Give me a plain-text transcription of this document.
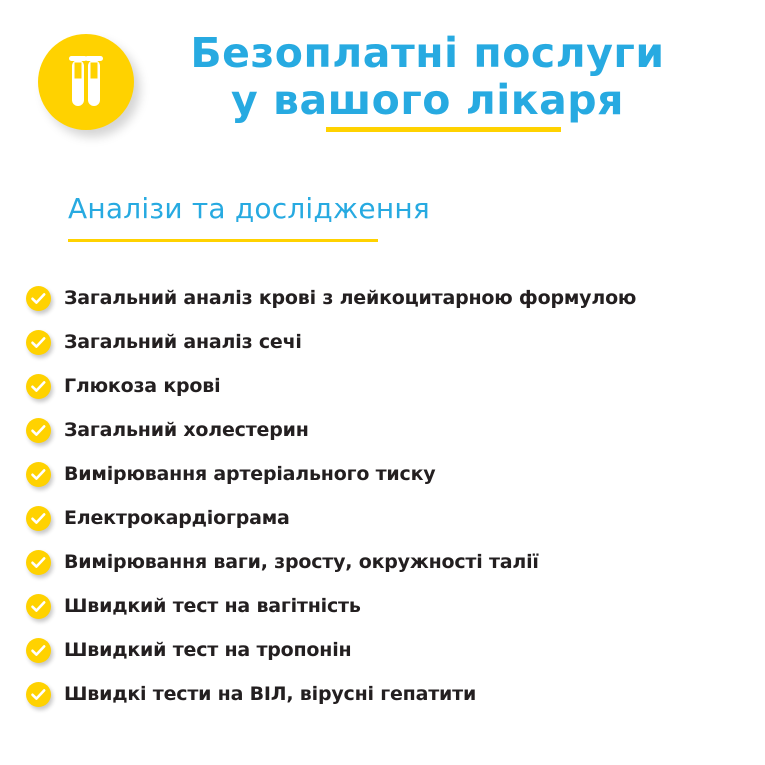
Безоплатні послуги
у вашого лікаря
Аналізи та дослідження
Загальний аналіз крові з лейкоцитарною формулою
Загальний аналіз сечі
Глюкоза крові
Загальний холестерин
Вимірювання артеріального тиску
Електрокардіограма
Вимірювання ваги, зросту, окружності талії
Швидкий тест на вагітність
Швидкий тест на тропонін
Швидкі тести на ВІЛ, вірусні гепатити
